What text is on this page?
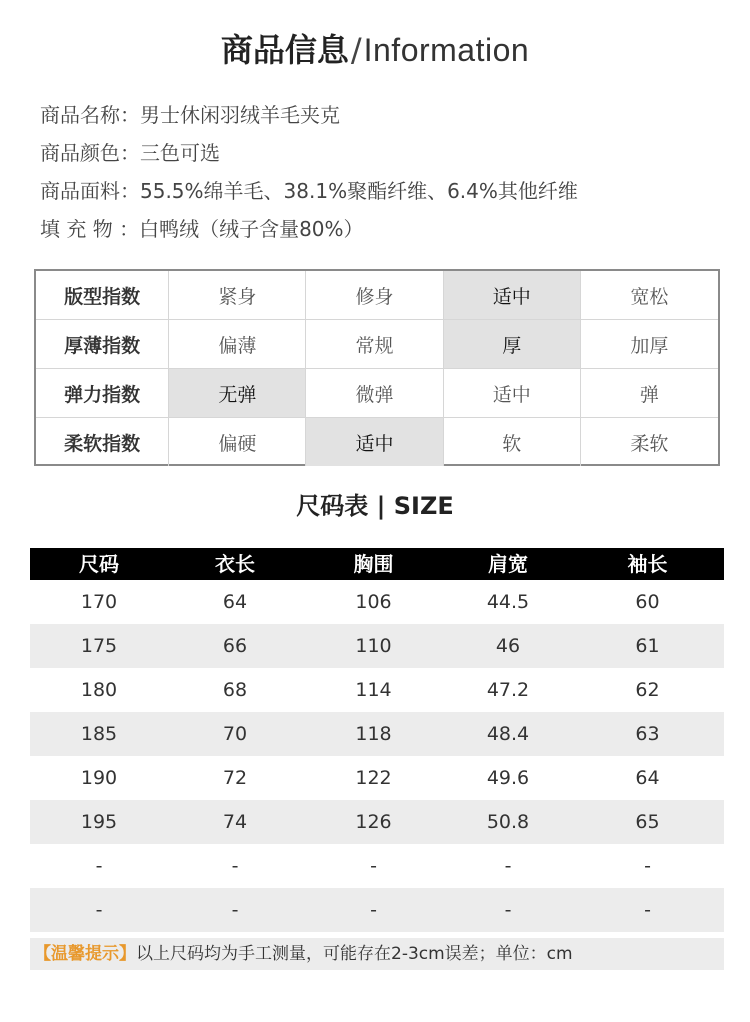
商品信息/Information
商品名称：男士休闲羽绒羊毛夹克
商品颜色：三色可选
商品面料：55.5%绵羊毛、38.1%聚酯纤维、6.4%其他纤维
填 充 物 ：白鸭绒（绒子含量80%）
版型指数	紧身	修身	适中	宽松
厚薄指数	偏薄	常规	厚	加厚
弹力指数	无弹	微弹	适中	弹
柔软指数	偏硬	适中	软	柔软
尺码表 | SIZE
尺码	衣长	胸围	肩宽	袖长
170	64	106	44.5	60
175	66	110	46	61
180	68	114	47.2	62
185	70	118	48.4	63
190	72	122	49.6	64
195	74	126	50.8	65
-	-	-	-	-
-	-	-	-	-
【温馨提示】以上尺码均为手工测量，可能存在2-3cm误差；单位：cm
